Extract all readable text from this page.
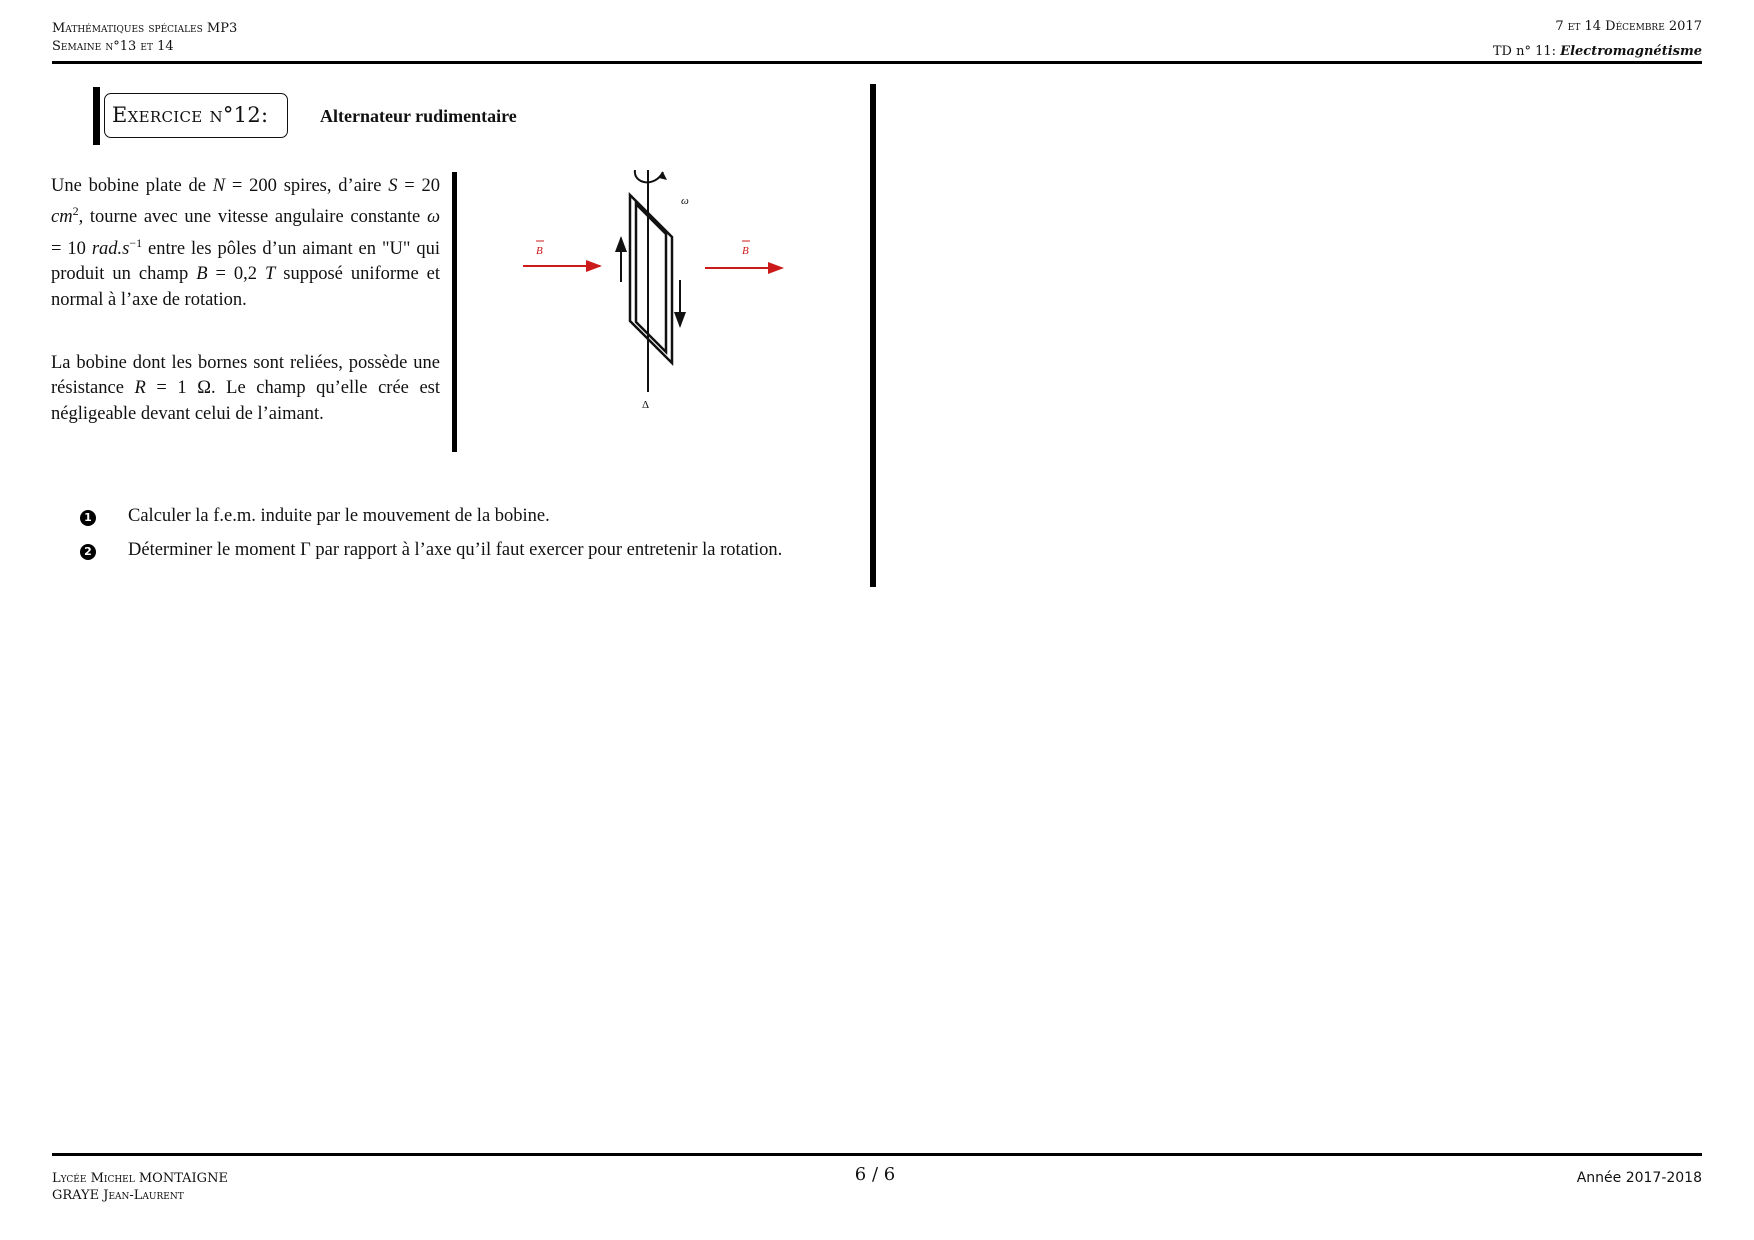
Mathématiques spéciales MP3
Semaine n°13 et 14
7 et 14 Décembre 2017
TD n° 11: Electromagnétisme
Exercice n°12:	Alternateur rudimentaire
Une bobine plate de N = 200 spires, d’aire S = 20 $cm^2$, tourne avec une vitesse angulaire constante ω = 10 $rad.s^{-1}$ entre les pôles d’un aimant en "U" qui produit un champ B = 0,2 T supposé uniforme et normal à l’axe de rotation.
La bobine dont les bornes sont reliées, possède une résistance R = 1 Ω. Le champ qu’elle crée est négligeable devant celui de l’aimant.
B	B
ω
Δ
1	Calculer la f.e.m. induite par le mouvement de la bobine.
2	Déterminer le moment Γ par rapport à l’axe qu’il faut exercer pour entretenir la rotation.
Lycée Michel MONTAIGNE
GRAYE Jean-Laurent
6 / 6	Année 2017-2018
